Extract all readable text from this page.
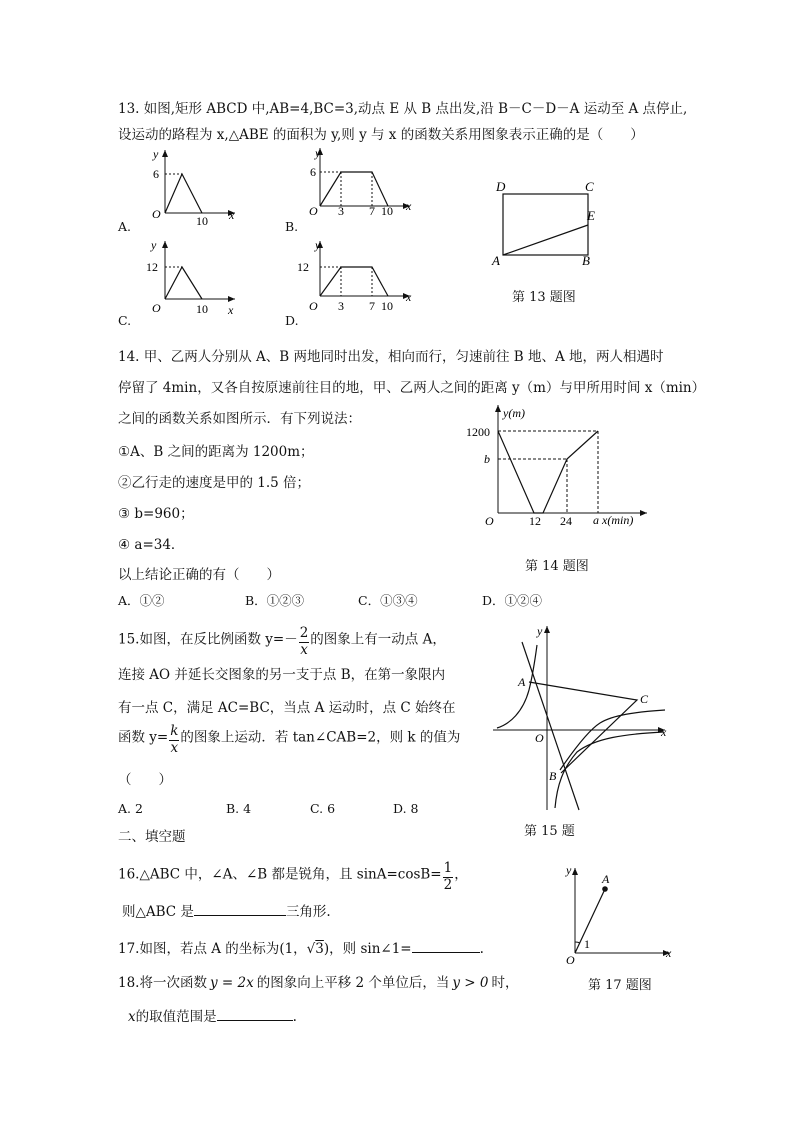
13. 如图,矩形 ABCD 中,AB=4,BC=3,动点 E 从 B 点出发,沿 B－C－D－A 运动至 A 点停止,
设运动的路程为 x,△ABE 的面积为 y,则 y 与 x 的函数关系用图象表示正确的是（　　）
A.
y
6
O	10 x
B.
y
6
O 3 7 10 x
C.
y
12
O	10 x
D.
y
12
O 3 7 10
x
D	C
E
A	B
第 13 题图
14. 甲、乙两人分别从 A、B 两地同时出发，相向而行，匀速前往 B 地、A 地，两人相遇时
停留了 4min，又各自按原速前往目的地，甲、乙两人之间的距离 y（m）与甲所用时间 x（min）
之间的函数关系如图所示．有下列说法：
①A、B 之间的距离为 1200m；
②乙行走的速度是甲的 1.5 倍；
③ b=960；
④ a=34．
以上结论正确的有（　　）
A．①②	B．①②③	C．①③④	D．①②④
y(m)
1200
b
O	12 24 a x(min)
第 14 题图
15.如图，在反比例函数 $y=- \frac{2}{x}$ 的图象上有一动点 A，
连接 AO 并延长交图象的另一支于点 B，在第一象限内
有一点 C，满足 AC=BC，当点 A 运动时，点 C 始终在
函数 $y= \frac{k}{x}$ 的图象上运动．若 tan∠CAB=2，则 k 的值为
（　　）
A. 2	B. 4	C. 6	D. 8
y
x
A
C
O
B
第 15 题
二、填空题
16.△ABC 中，∠A、∠B 都是锐角，且 $\sin A=\cos B= \frac{1}{2}$ ，
则△ABC 是	三角形.
17.如图，若点 A 的坐标为(1，√3)，则 sin∠1=	.
y
A
1
O	x
第 17 题图
18.将一次函数 y = 2x 的图象向上平移 2 个单位后，当 y > 0 时，
x的取值范围是	.
